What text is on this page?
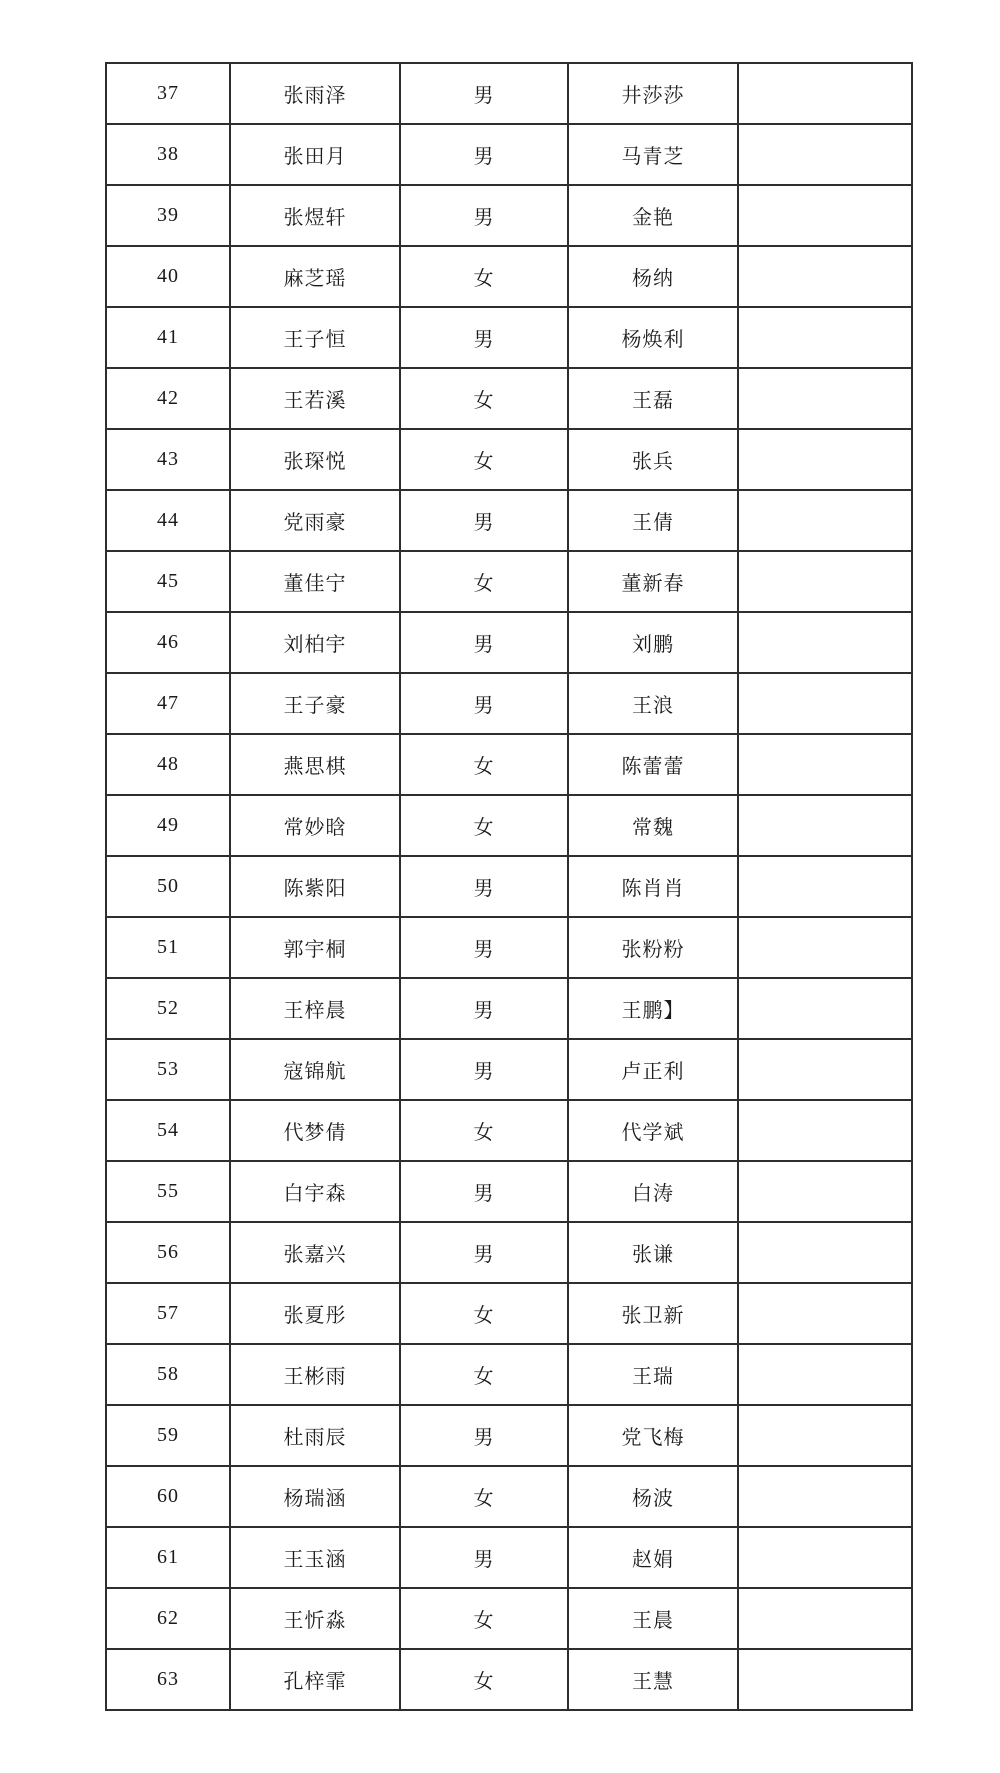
37	张雨泽	男	井莎莎	
38	张田月	男	马青芝	
39	张煜轩	男	金艳	
40	麻芝瑶	女	杨纳	
41	王子恒	男	杨焕利	
42	王若溪	女	王磊	
43	张琛悦	女	张兵	
44	党雨豪	男	王倩	
45	董佳宁	女	董新春	
46	刘柏宇	男	刘鹏	
47	王子豪	男	王浪	
48	燕思棋	女	陈蕾蕾	
49	常妙晗	女	常魏	
50	陈紫阳	男	陈肖肖	
51	郭宇桐	男	张粉粉	
52	王梓晨	男	王鹏】	
53	寇锦航	男	卢正利	
54	代梦倩	女	代学斌	
55	白宇森	男	白涛	
56	张嘉兴	男	张谦	
57	张夏彤	女	张卫新	
58	王彬雨	女	王瑞	
59	杜雨辰	男	党飞梅	
60	杨瑞涵	女	杨波	
61	王玉涵	男	赵娟	
62	王忻淼	女	王晨	
63	孔梓霏	女	王慧	
